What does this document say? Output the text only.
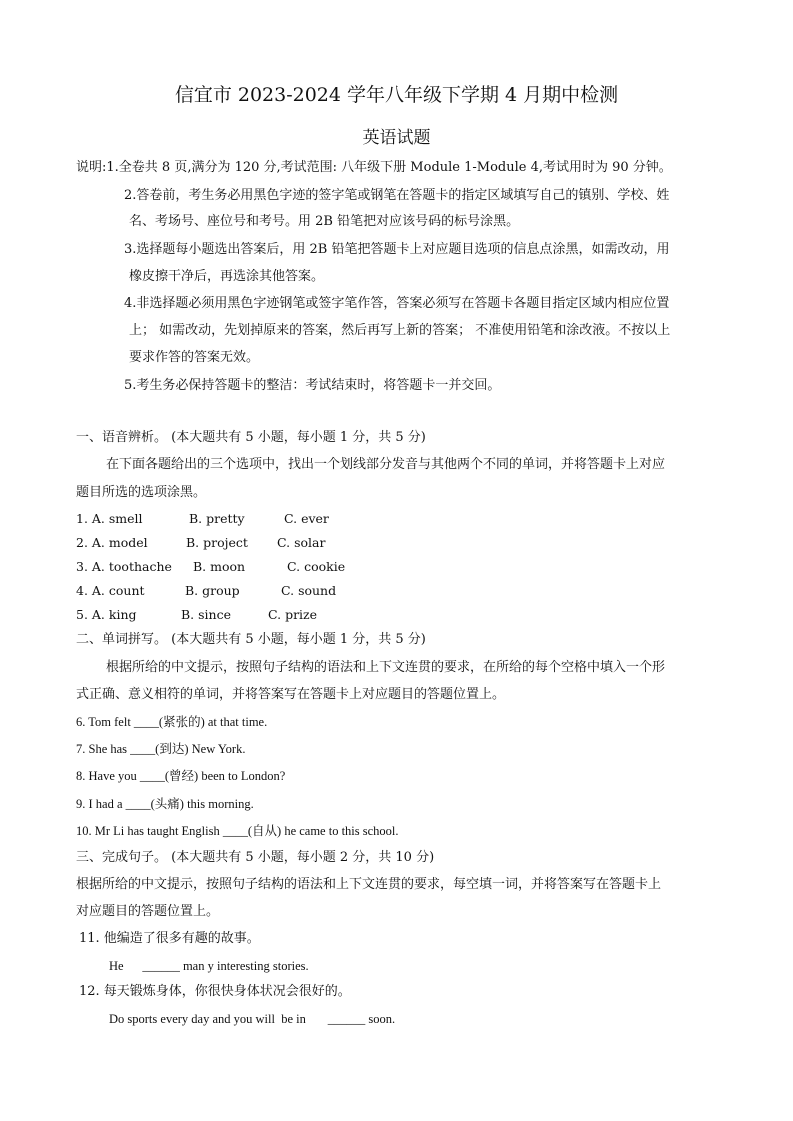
信宜市 2023-2024 学年八年级下学期 4 月期中检测
英语试题
说明:1.全卷共 8 页,满分为 120 分,考试范围: 八年级下册 Module 1-Module 4,考试用时为 90 分钟。
2.答卷前，考生务必用黑色字迹的签字笔或钢笔在答题卡的指定区域填写自己的镇别、学校、姓
名、考场号、座位号和考号。用 2B 铅笔把对应该号码的标号涂黑。
3.选择题每小题选出答案后，用 2B 铅笔把答题卡上对应题目选项的信息点涂黑，如需改动，用
橡皮擦干净后，再选涂其他答案。
4.非选择题必须用黑色字迹钢笔或签字笔作答，答案必须写在答题卡各题目指定区域内相应位置
上； 如需改动，先划掉原来的答案，然后再写上新的答案； 不准使用铅笔和涂改液。不按以上
要求作答的答案无效。
5.考生务必保持答题卡的整洁：考试结束时，将答题卡一并交回。
一、语音辨析。 (本大题共有 5 小题，每小题 1 分，共 5 分)
在下面各题给出的三个选项中，找出一个划线部分发音与其他两个不同的单词，并将答题卡上对应
题目所选的选项涂黑。
1. A. smell	B. pretty	C. ever
2. A. model	B. project C. solar
3. A. toothache B. moon	C. cookie
4. A. count	B. group	C. sound
5. A. king	B. since	C. prize
二、单词拼写。 (本大题共有 5 小题，每小题 1 分，共 5 分)
根据所给的中文提示，按照句子结构的语法和上下文连贯的要求，在所给的每个空格中填入一个形
式正确、意义相符的单词，并将答案写在答题卡上对应题目的答题位置上。
6. Tom felt ____(紧张的) at that time.
7. She has ____(到达) New York.
8. Have you ____(曾经) been to London?
9. I had a ____(头痛) this morning.
10. Mr Li has taught English ____(自从) he came to this school.
三、完成句子。 (本大题共有 5 小题，每小题 2 分，共 10 分)
根据所给的中文提示，按照句子结构的语法和上下文连贯的要求，每空填一词，并将答案写在答题卡上
对应题目的答题位置上。
11. 他编造了很多有趣的故事。
He      ______ man y interesting stories.
12. 每天锻炼身体，你很快身体状况会很好的。
Do sports every day and you will  be in       ______ soon.
